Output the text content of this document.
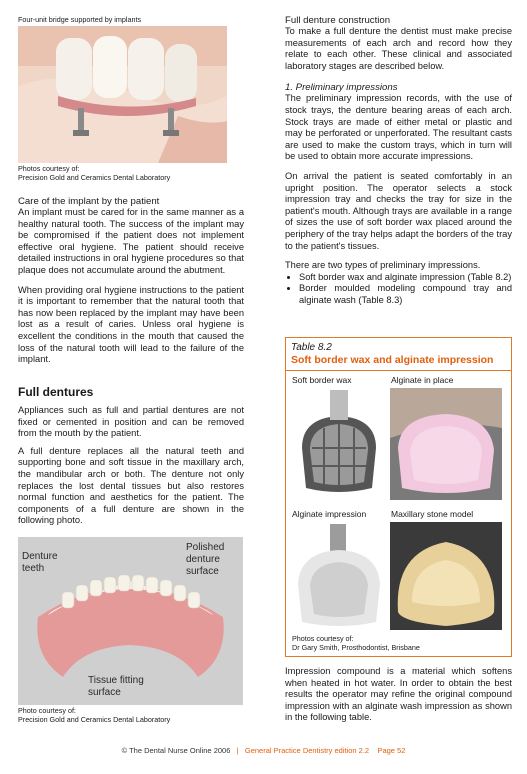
Four-unit bridge supported by implants
Photos courtesy of:
Precision Gold and Ceramics Dental Laboratory

Care of the implant by the patient

An implant must be cared for in the same manner as a healthy natural tooth. The success of the implant may be compromised if the patient does not implement effective oral hygiene. The patient should receive detailed instructions in oral hygiene procedures so that plaque does not accumulate around the abutment.

When providing oral hygiene instructions to the patient it is important to remember that the natural tooth that has now been replaced by the implant may have been lost as a result of caries. Unless oral hygiene is excellent the conditions in the mouth that caused the loss of the natural tooth will lead to the failure of the implant.

Full dentures

Appliances such as full and partial dentures are not fixed or cemented in position and can be removed from the mouth by the patient.

A full denture replaces all the natural teeth and supporting bone and soft tissue in the maxillary arch, the mandibular arch or both. The denture not only replaces the lost dental tissues but also restores normal function and aesthetics for the patient. The components of a full denture are shown in the following photo.

Denture
teeth
Polished
denture
surface
Tissue fitting
surface
Photo courtesy of:
Precision Gold and Ceramics Dental Laboratory

Full denture construction

To make a full denture the dentist must make precise measurements of each arch and record how they relate to each other. These clinical and associated laboratory stages are described below.

1. Preliminary impressions

The preliminary impression records, with the use of stock trays, the denture bearing areas of each arch. Stock trays are made of either metal or plastic and may be perforated or unperforated. The resultant casts are used to make the custom trays, which in turn will be used to obtain more accurate impressions.

On arrival the patient is seated comfortably in an upright position. The operator selects a stock impression tray and checks the tray for size in the patient's mouth. Although trays are available in a range of sizes the use of soft border wax placed around the periphery of the tray helps adapt the borders of the tray to the patient's tissues.

There are two types of preliminary impressions.

• Soft border wax and alginate impression (Table 8.2)
• Border moulded modeling compound tray and alginate wash (Table 8.3)
Table 8.2
Soft border wax and alginate impression
Soft border wax	Alginate in place
Alginate impression	Maxillary stone model
Photos courtesy of:
Dr Gary Smith, Prosthodontist, Brisbane

Impression compound is a material which softens when heated in hot water. In order to obtain the best results the operator may refine the original compound impression with an alginate wash impression as shown in the following table.

© The Dental Nurse Online 2006 | General Practice Dentistry edition 2.2 Page 52
